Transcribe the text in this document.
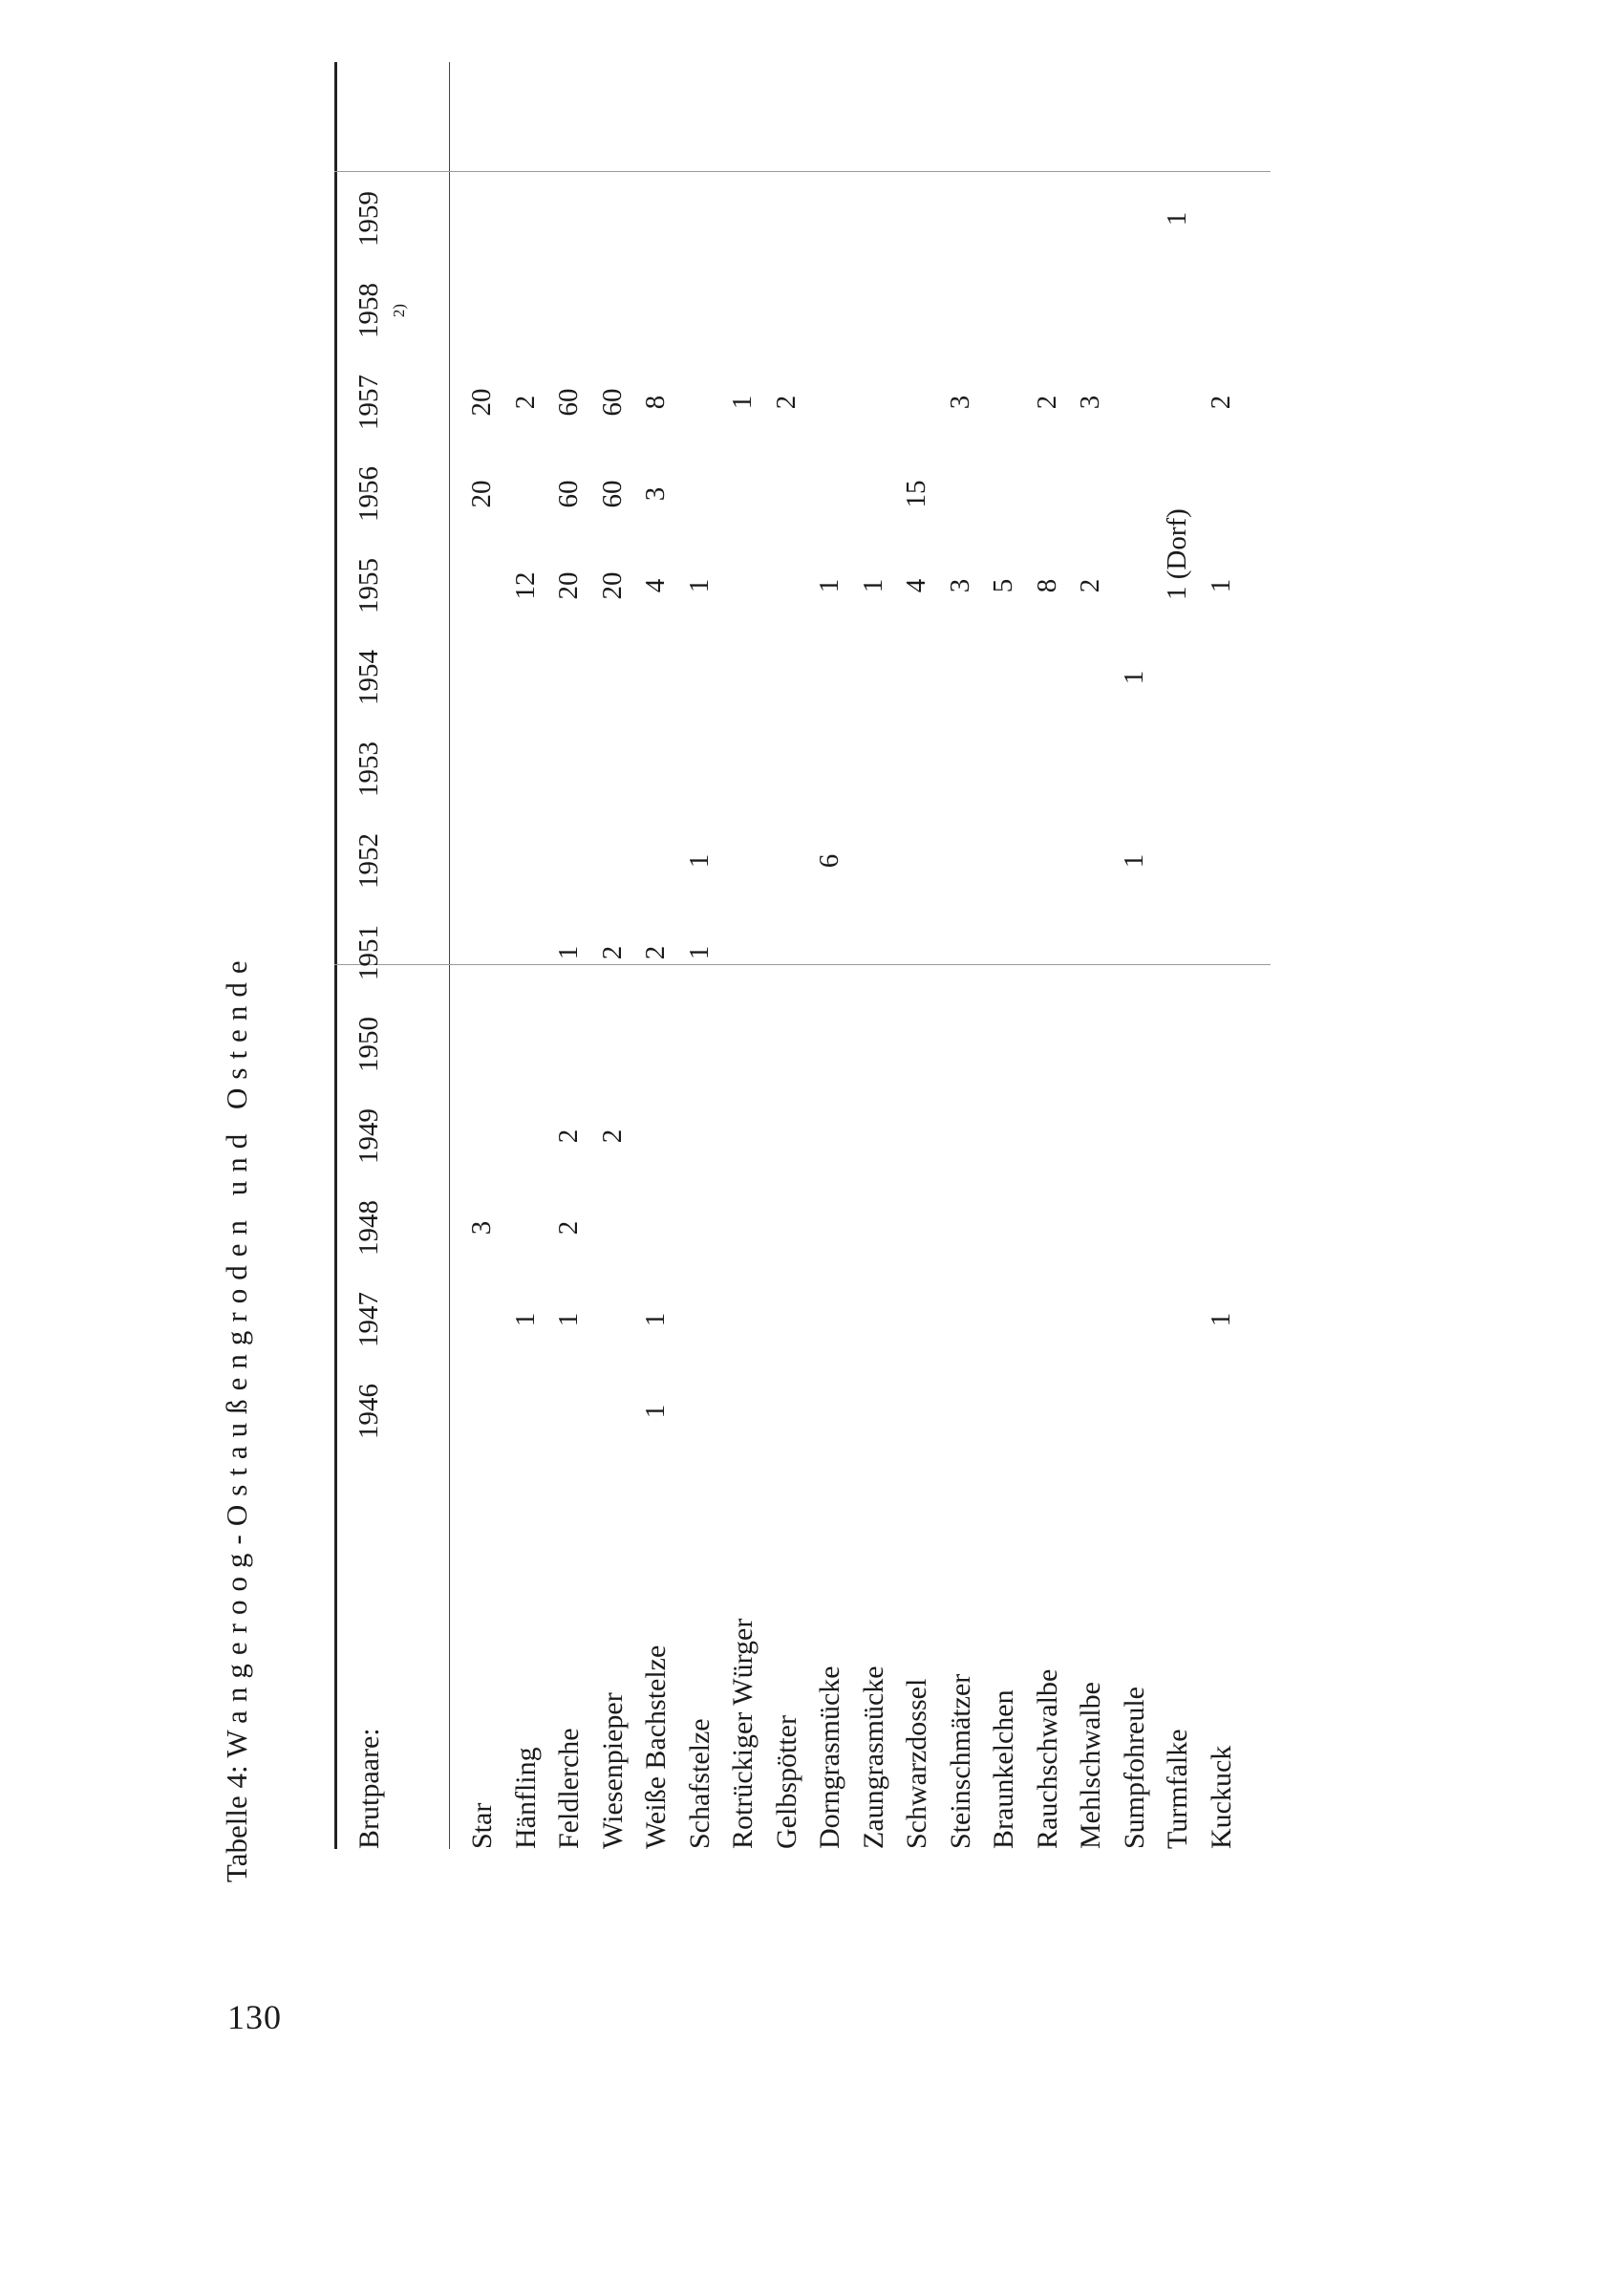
130
Tabelle 4: Wangeroog-Ostaußengroden und Ostende
Brutpaare:
1946
1947
1948
1949
1950
1951
1952
1953
1954
1955
1956
1957
1958 2)
1959
Star
3
20
20
Hänfling
1
12
2
Feldlerche
1
2
2
1
20
60
60
Wiesenpieper
2
2
20
60
60
Weiße Bachstelze
1
1
2
4
3
8
Schafstelze
1
1
1
Rotrückiger Würger
1
Gelbspötter
2
Dorngrasmücke
6
1
Zaungrasmücke
1
Schwarzdossel
4
15
Steinschmätzer
3
3
Braunkelchen
5
Rauchschwalbe
8
2
Mehlschwalbe
2
3
Sumpfohreule
1
1
Turmfalke
1 (Dorf)
1
Kuckuck
1
1
2
